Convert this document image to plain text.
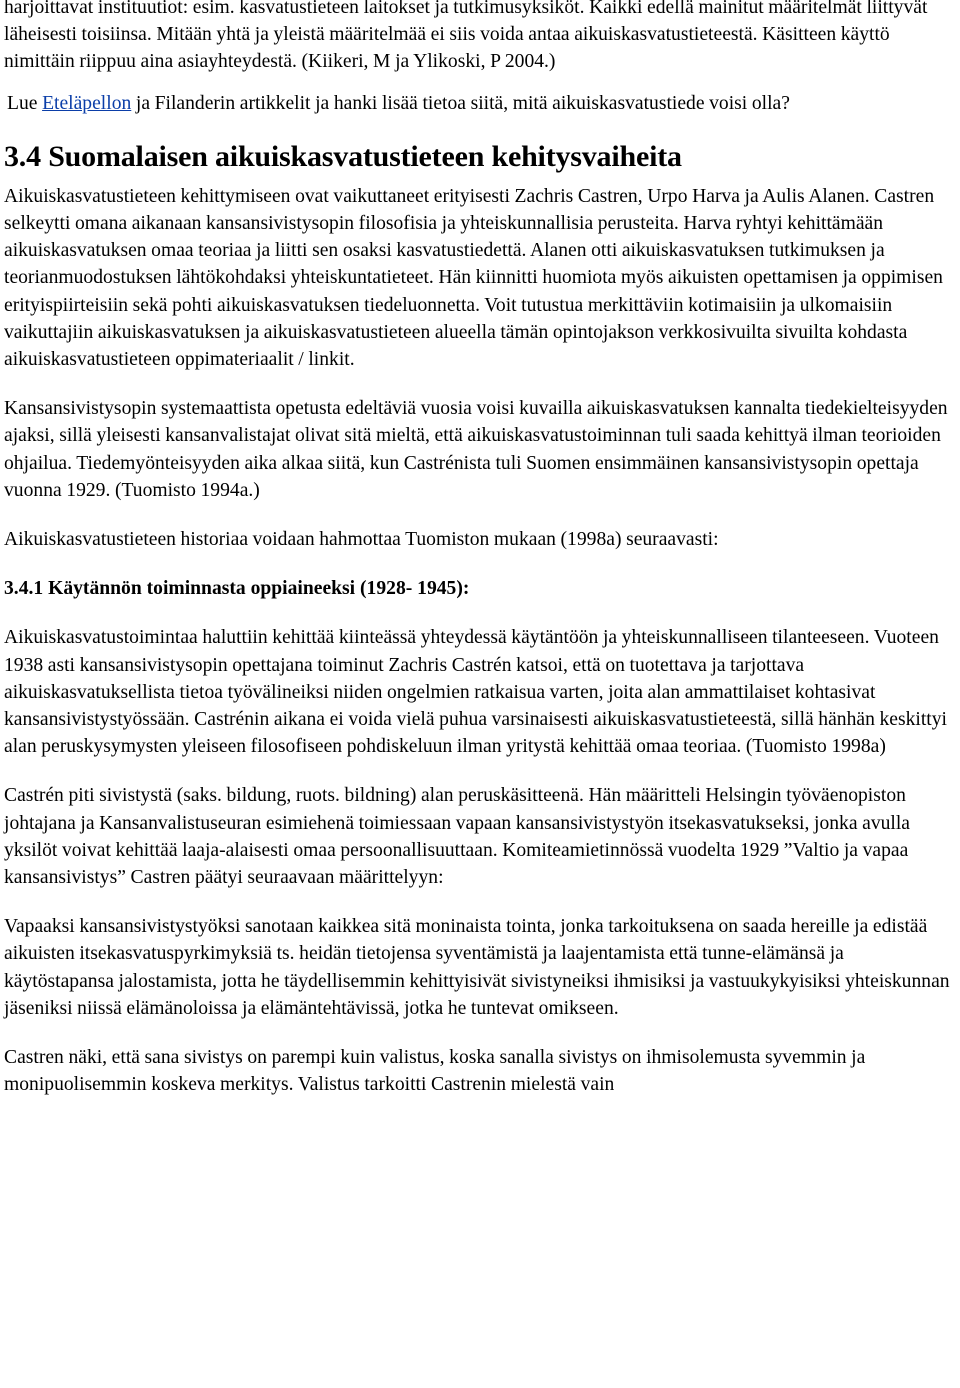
harjoittavat instituutiot: esim. kasvatustieteen laitokset ja tutkimusyksiköt. Kaikki edellä mainitut määritelmät liittyvät läheisesti toisiinsa. Mitään yhtä ja yleistä määritelmää ei siis voida antaa aikuiskasvatustieteestä. Käsitteen käyttö nimittäin riippuu aina asiayhteydestä. (Kiikeri, M ja Ylikoski, P 2004.)

Lue Eteläpellon ja Filanderin artikkelit ja hanki lisää tietoa siitä, mitä aikuiskasvatustiede voisi olla?

3.4 Suomalaisen aikuiskasvatustieteen kehitysvaiheita

Aikuiskasvatustieteen kehittymiseen ovat vaikuttaneet erityisesti Zachris Castren, Urpo Harva ja Aulis Alanen. Castren selkeytti omana aikanaan kansansivistysopin filosofisia ja yhteiskunnallisia perusteita. Harva ryhtyi kehittämään aikuiskasvatuksen omaa teoriaa ja liitti sen osaksi kasvatustiedettä. Alanen otti aikuiskasvatuksen tutkimuksen ja teorianmuodostuksen lähtökohdaksi yhteiskuntatieteet. Hän kiinnitti huomiota myös aikuisten opettamisen ja oppimisen erityispiirteisiin sekä pohti aikuiskasvatuksen tiedeluonnetta. Voit tutustua merkittäviin kotimaisiin ja ulkomaisiin vaikuttajiin aikuiskasvatuksen ja aikuiskasvatustieteen alueella tämän opintojakson verkkosivuilta sivuilta kohdasta aikuiskasvatustieteen oppimateriaalit / linkit.

Kansansivistysopin systemaattista opetusta edeltäviä vuosia voisi kuvailla aikuiskasvatuksen kannalta tiedekielteisyyden ajaksi, sillä yleisesti kansanvalistajat olivat sitä mieltä, että aikuiskasvatustoiminnan tuli saada kehittyä ilman teorioiden ohjailua. Tiedemyönteisyyden aika alkaa siitä, kun Castrénista tuli Suomen ensimmäinen kansansivistysopin opettaja vuonna 1929. (Tuomisto 1994a.)

Aikuiskasvatustieteen historiaa voidaan hahmottaa Tuomiston mukaan (1998a) seuraavasti:

3.4.1 Käytännön toiminnasta oppiaineeksi (1928- 1945):

Aikuiskasvatustoimintaa haluttiin kehittää kiinteässä yhteydessä käytäntöön ja yhteiskunnalliseen tilanteeseen. Vuoteen 1938 asti kansansivistysopin opettajana toiminut Zachris Castrén katsoi, että on tuotettava ja tarjottava aikuiskasvatuksellista tietoa työvälineiksi niiden ongelmien ratkaisua varten, joita alan ammattilaiset kohtasivat kansansivistystyössään. Castrénin aikana ei voida vielä puhua varsinaisesti aikuiskasvatustieteestä, sillä hänhän keskittyi alan peruskysymysten yleiseen filosofiseen pohdiskeluun ilman yritystä kehittää omaa teoriaa. (Tuomisto 1998a)

Castrén piti sivistystä (saks. bildung, ruots. bildning) alan peruskäsitteenä. Hän määritteli Helsingin työväenopiston johtajana ja Kansanvalistuseuran esimiehenä toimiessaan vapaan kansansivistystyön itsekasvatukseksi, jonka avulla yksilöt voivat kehittää laaja-alaisesti omaa persoonallisuuttaan. Komiteamietinnössä vuodelta 1929 ”Valtio ja vapaa kansansivistys” Castren päätyi seuraavaan määrittelyyn:

Vapaaksi kansansivistystyöksi sanotaan kaikkea sitä moninaista tointa, jonka tarkoituksena on saada hereille ja edistää aikuisten itsekasvatuspyrkimyksiä ts. heidän tietojensa syventämistä ja laajentamista että tunne-elämänsä ja käytöstapansa jalostamista, jotta he täydellisemmin kehittyisivät sivistyneiksi ihmisiksi ja vastuukykyisiksi yhteiskunnan jäseniksi niissä elämänoloissa ja elämäntehtävissä, jotka he tuntevat omikseen.

Castren näki, että sana sivistys on parempi kuin valistus, koska sanalla sivistys on ihmisolemusta syvemmin ja monipuolisemmin koskeva merkitys. Valistus tarkoitti Castrenin mielestä vain
